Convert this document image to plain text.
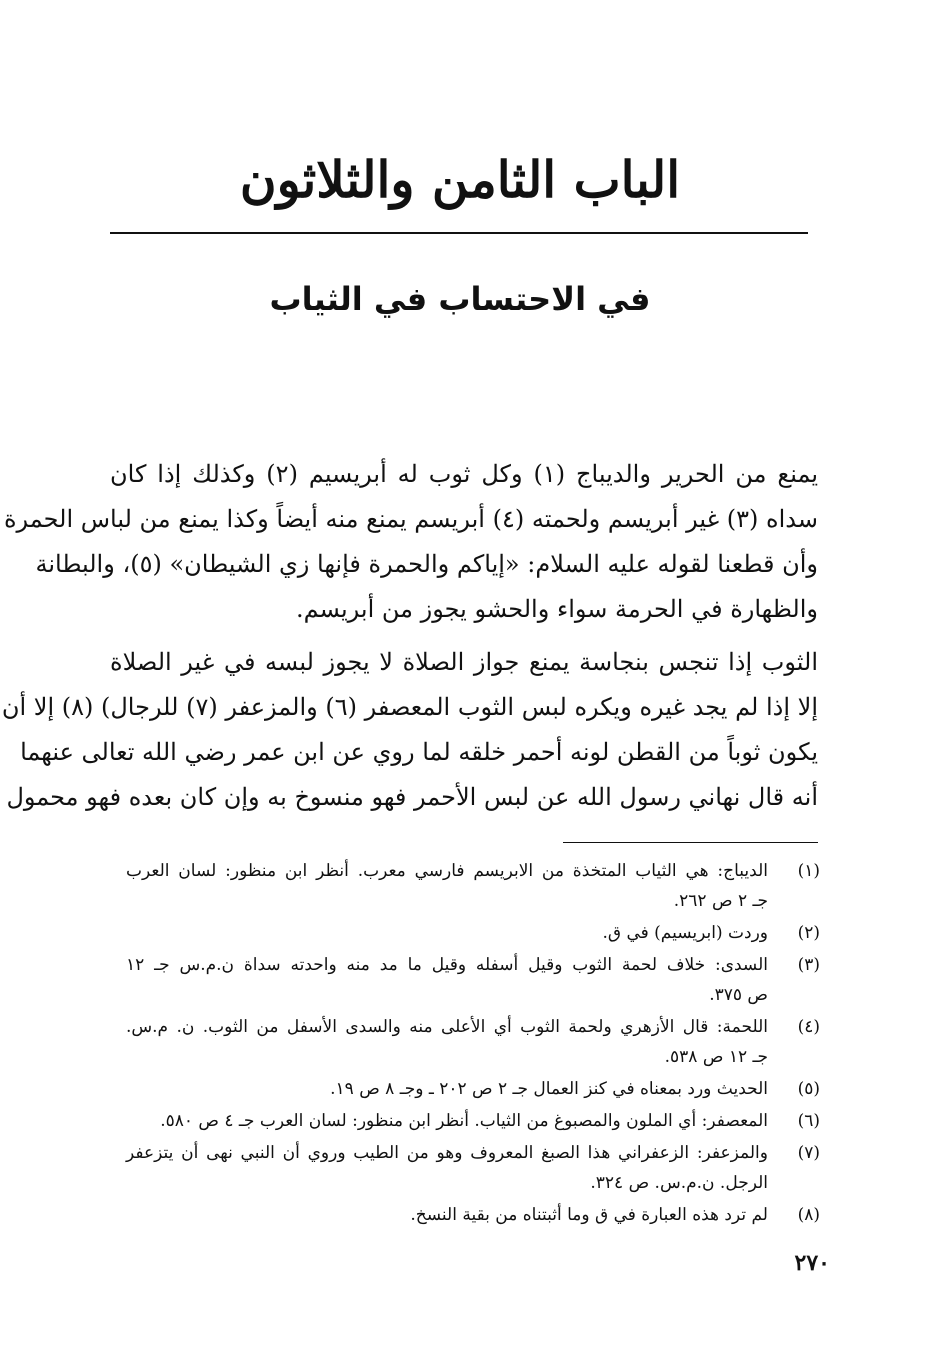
الباب الثامن والثلاثون
في الاحتساب في الثياب
يمنع من الحرير والديباج (١) وكل ثوب له أبريسيم (٢) وكذلك إذا كان
سداه (٣) غير أبريسم ولحمته (٤) أبريسم يمنع منه أيضاً وكذا يمنع من لباس الحمرة
وأن قطعنا لقوله عليه السلام: «إياكم والحمرة فإنها زي الشيطان» (٥)، والبطانة
والظهارة في الحرمة سواء والحشو يجوز من أبريسم.
الثوب إذا تنجس بنجاسة يمنع جواز الصلاة لا يجوز لبسه في غير الصلاة
إلا إذا لم يجد غيره ويكره لبس الثوب المعصفر (٦) والمزعفر (٧) للرجال) (٨) إلا أن
يكون ثوباً من القطن لونه أحمر خلقه لما روي عن ابن عمر رضي الله تعالى عنهما
أنه قال نهاني رسول الله عن لبس الأحمر فهو منسوخ به وإن كان بعده فهو محمول
(١)
الديباج: هي الثياب المتخذة من الابريسم فارسي معرب. أنظر ابن منظور: لسان العرب
جـ ٢ ص ٢٦٢.
(٢)
وردت (ابريسيم) في ق.
(٣)
السدى: خلاف لحمة الثوب وقيل أسفله وقيل ما مد منه واحدته سداة ن.م.س جـ ١٢
ص ٣٧٥.
(٤)
اللحمة: قال الأزهري ولحمة الثوب أي الأعلى منه والسدى الأسفل من الثوب. ن. م.س.
جـ ١٢ ص ٥٣٨.
(٥)
الحديث ورد بمعناه في كنز العمال جـ ٢ ص ٢٠٢ ـ وجـ ٨ ص ١٩.
(٦)
المعصفر: أي الملون والمصبوغ من الثياب. أنظر ابن منظور: لسان العرب جـ ٤ ص ٥٨٠.
(٧)
والمزعفر: الزعفراني هذا الصبغ المعروف وهو من الطيب وروي أن النبي نهى أن يتزعفر
الرجل. ن.م.س. ص ٣٢٤.
(٨)
لم ترد هذه العبارة في ق وما أثبتناه من بقية النسخ.
٢٧٠
